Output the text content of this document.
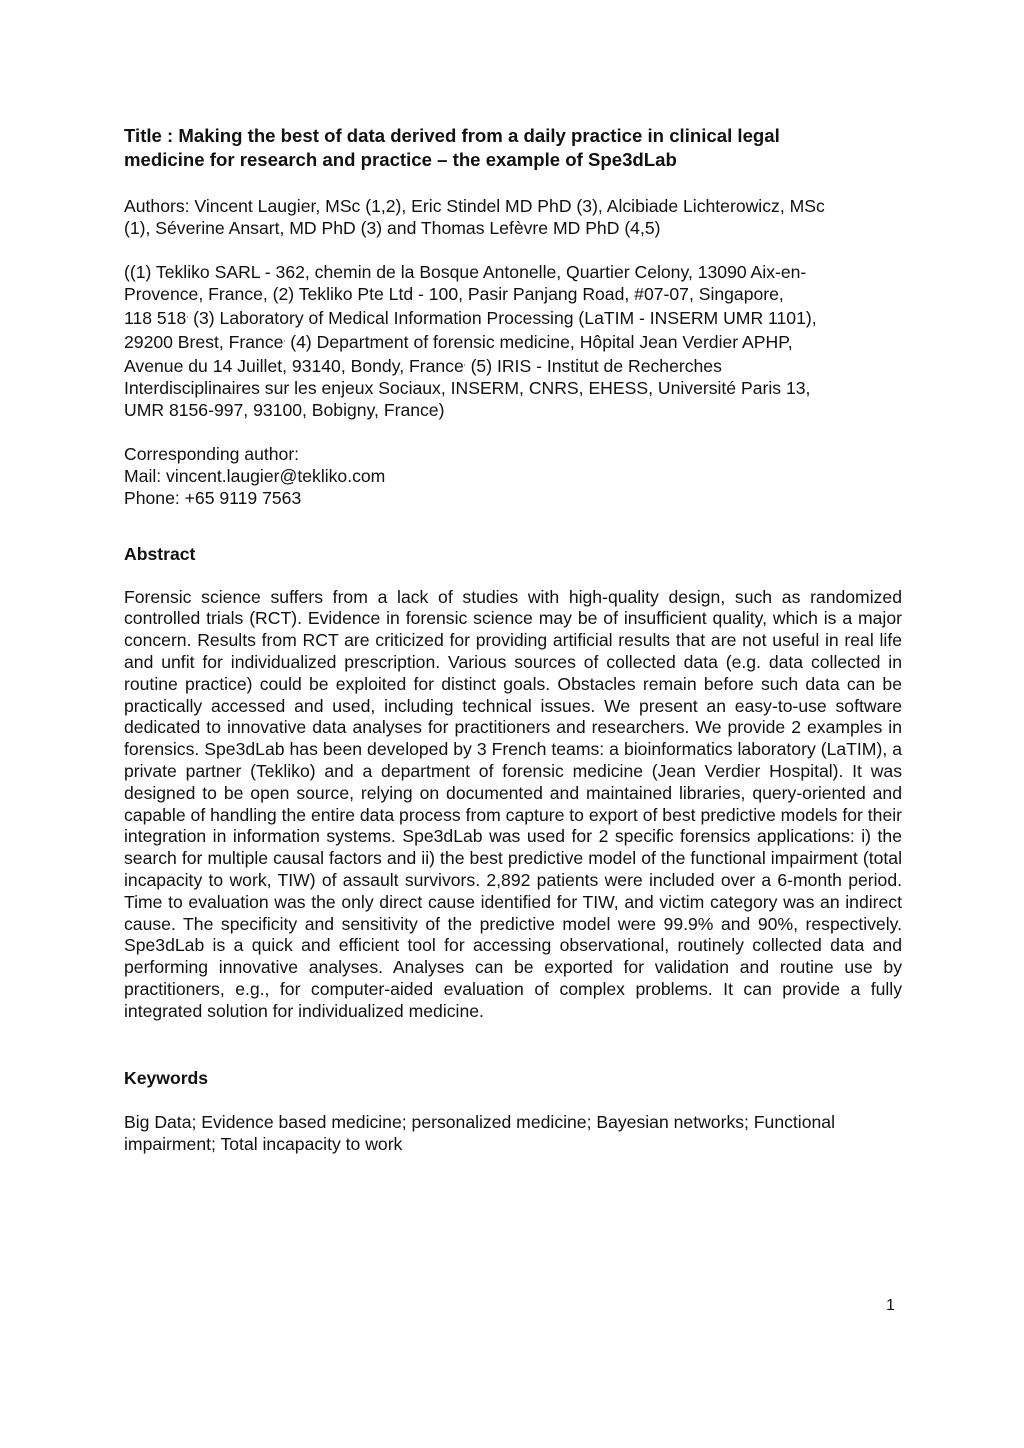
Title : Making the best of data derived from a daily practice in clinical legal
medicine for research and practice – the example of Spe3dLab
Authors: Vincent Laugier, MSc (1,2), Eric Stindel MD PhD (3), Alcibiade Lichterowicz, MSc
(1), Séverine Ansart, MD PhD (3) and Thomas Lefèvre MD PhD (4,5)
((1) Tekliko SARL - 362, chemin de la Bosque Antonelle, Quartier Celony, 13090 Aix-en-
Provence, France, (2) Tekliko Pte Ltd - 100, Pasir Panjang Road, #07-07, Singapore,
118 518, (3) Laboratory of Medical Information Processing (LaTIM - INSERM UMR 1101),
29200 Brest, France, (4) Department of forensic medicine, Hôpital Jean Verdier APHP,
Avenue du 14 Juillet, 93140, Bondy, France, (5) IRIS - Institut de Recherches
Interdisciplinaires sur les enjeux Sociaux, INSERM, CNRS, EHESS, Université Paris 13,
UMR 8156-997, 93100, Bobigny, France)
Corresponding author:
Mail: vincent.laugier@tekliko.com
Phone: +65 9119 7563
Abstract

Forensic science suffers from a lack of studies with high-quality design, such as randomized controlled trials (RCT). Evidence in forensic science may be of insufficient quality, which is a major concern. Results from RCT are criticized for providing artificial results that are not useful in real life and unfit for individualized prescription. Various sources of collected data (e.g. data collected in routine practice) could be exploited for distinct goals. Obstacles remain before such data can be practically accessed and used, including technical issues. We present an easy-to-use software dedicated to innovative data analyses for practitioners and researchers. We provide 2 examples in forensics. Spe3dLab has been developed by 3 French teams: a bioinformatics laboratory (LaTIM), a private partner (Tekliko) and a department of forensic medicine (Jean Verdier Hospital). It was designed to be open source, relying on documented and maintained libraries, query-oriented and capable of handling the entire data process from capture to export of best predictive models for their integration in information systems. Spe3dLab was used for 2 specific forensics applications: i) the search for multiple causal factors and ii) the best predictive model of the functional impairment (total incapacity to work, TIW) of assault survivors. 2,892 patients were included over a 6-month period. Time to evaluation was the only direct cause identified for TIW, and victim category was an indirect cause. The specificity and sensitivity of the predictive model were 99.9% and 90%, respectively. Spe3dLab is a quick and efficient tool for accessing observational, routinely collected data and performing innovative analyses. Analyses can be exported for validation and routine use by practitioners, e.g., for computer-aided evaluation of complex problems. It can provide a fully integrated solution for individualized medicine.

Keywords
Big Data; Evidence based medicine; personalized medicine; Bayesian networks; Functional
impairment; Total incapacity to work
1
